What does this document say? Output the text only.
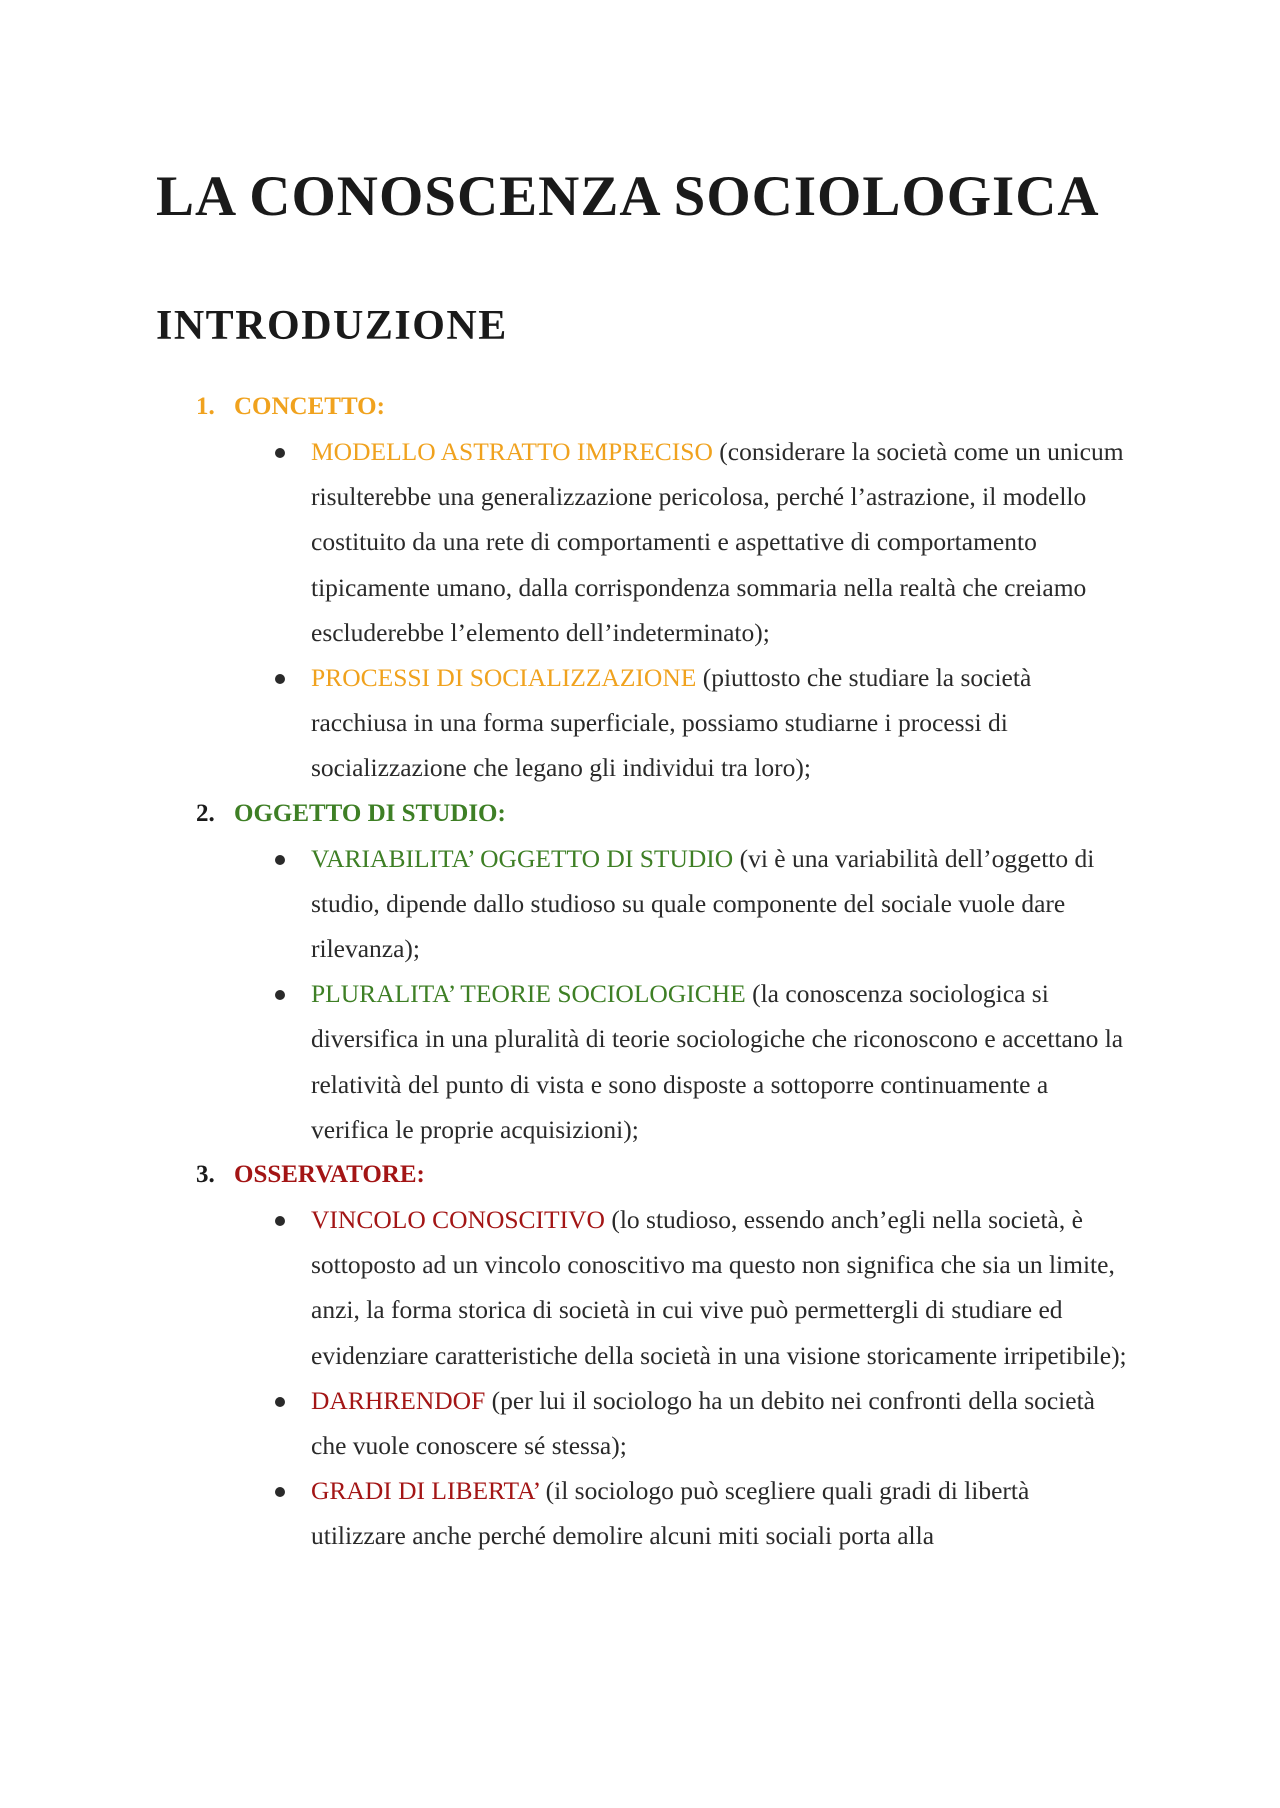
LA CONOSCENZA SOCIOLOGICA
INTRODUZIONE
1. CONCETTO:
MODELLO ASTRATTO IMPRECISO (considerare la società come un unicum risulterebbe una generalizzazione pericolosa, perché l’astrazione, il modello costituito da una rete di comportamenti e aspettative di comportamento tipicamente umano, dalla corrispondenza sommaria nella realtà che creiamo escluderebbe l’elemento dell’indeterminato);
PROCESSI DI SOCIALIZZAZIONE (piuttosto che studiare la società racchiusa in una forma superficiale, possiamo studiarne i processi di socializzazione che legano gli individui tra loro);
2. OGGETTO DI STUDIO:
VARIABILITA’ OGGETTO DI STUDIO (vi è una variabilità dell’oggetto di studio, dipende dallo studioso su quale componente del sociale vuole dare rilevanza);
PLURALITA’ TEORIE SOCIOLOGICHE (la conoscenza sociologica si diversifica in una pluralità di teorie sociologiche che riconoscono e accettano la relatività del punto di vista e sono disposte a sottoporre continuamente a verifica le proprie acquisizioni);
3. OSSERVATORE:
VINCOLO CONOSCITIVO (lo studioso, essendo anch’egli nella società, è sottoposto ad un vincolo conoscitivo ma questo non significa che sia un limite, anzi, la forma storica di società in cui vive può permettergli di studiare ed evidenziare caratteristiche della società in una visione storicamente irripetibile);
DARHRENDOF (per lui il sociologo ha un debito nei confronti della società che vuole conoscere sé stessa);
GRADI DI LIBERTA’ (il sociologo può scegliere quali gradi di libertà utilizzare anche perché demolire alcuni miti sociali porta alla
